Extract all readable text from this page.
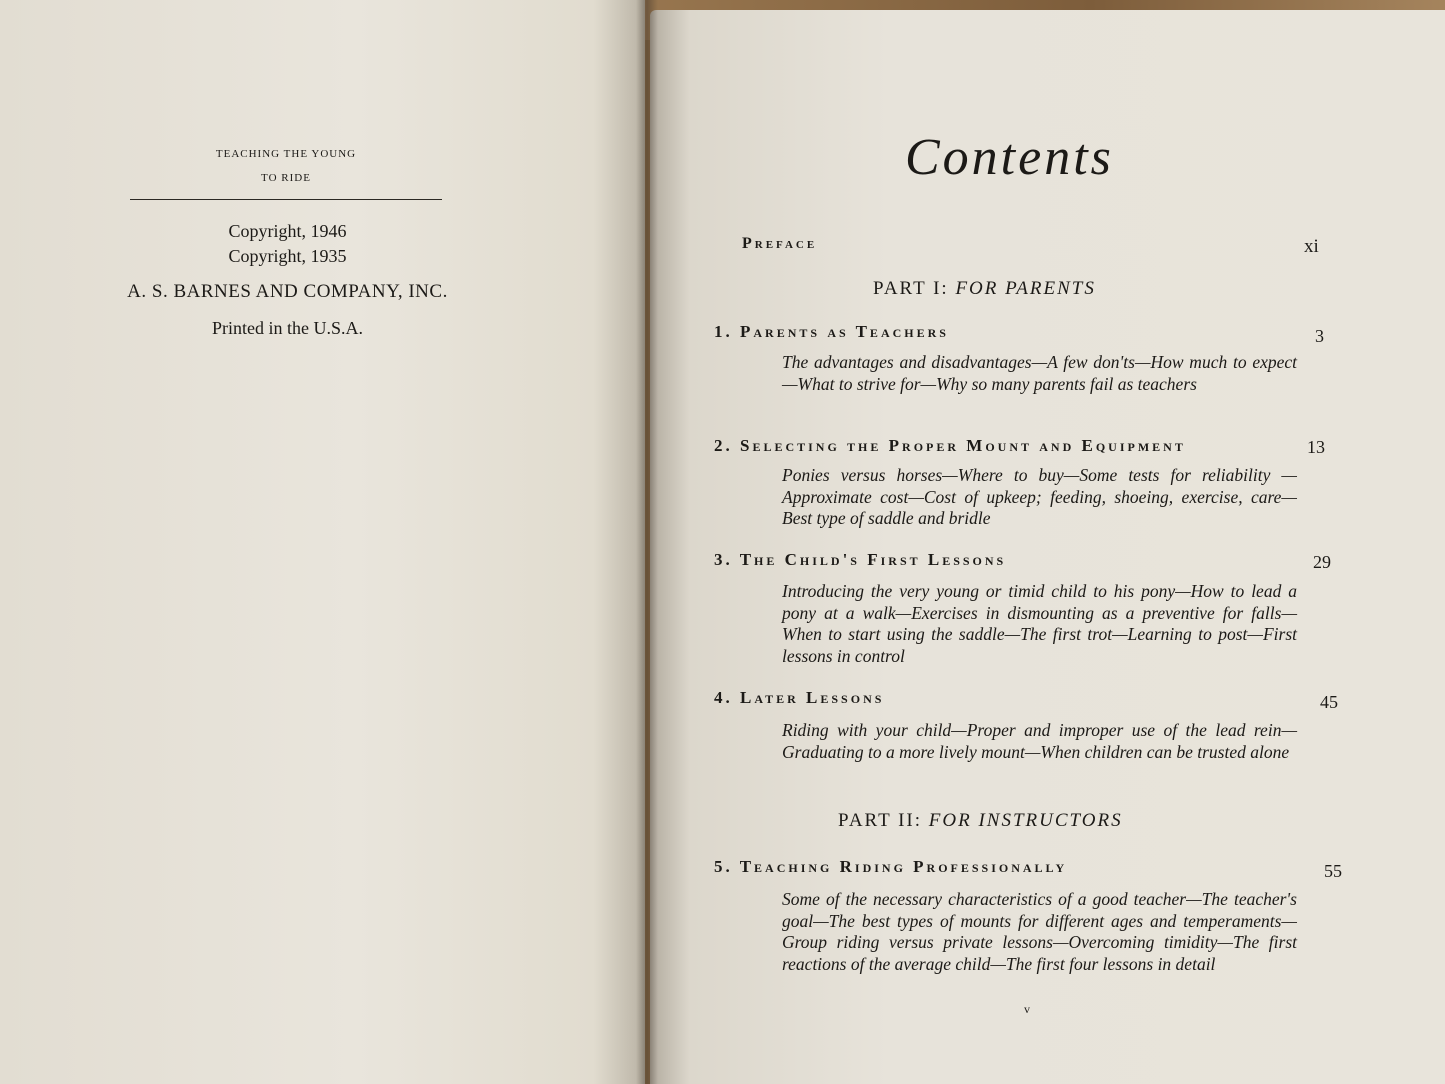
TEACHING THE YOUNG
TO RIDE
Copyright, 1946
Copyright, 1935
A. S. BARNES AND COMPANY, INC.
Printed in the U.S.A.
Contents
Preface	xi
PART I: FOR PARENTS
1. Parents as Teachers	3
The advantages and disadvantages—A few don'ts—How much to expect—What to strive for—Why so many parents fail as teachers
2. Selecting the Proper Mount and Equipment	13
Ponies versus horses—Where to buy—Some tests for reliability —Approximate cost—Cost of upkeep; feeding, shoeing, exercise, care—Best type of saddle and bridle
3. The Child's First Lessons	29
Introducing the very young or timid child to his pony—How to lead a pony at a walk—Exercises in dismounting as a preventive for falls—When to start using the saddle—The first trot—Learning to post—First lessons in control
4. Later Lessons	45
Riding with your child—Proper and improper use of the lead rein—Graduating to a more lively mount—When children can be trusted alone
PART II: FOR INSTRUCTORS
5. Teaching Riding Professionally	55
Some of the necessary characteristics of a good teacher—The teacher's goal—The best types of mounts for different ages and temperaments—Group riding versus private lessons—Overcoming timidity—The first reactions of the average child—The first four lessons in detail
v
